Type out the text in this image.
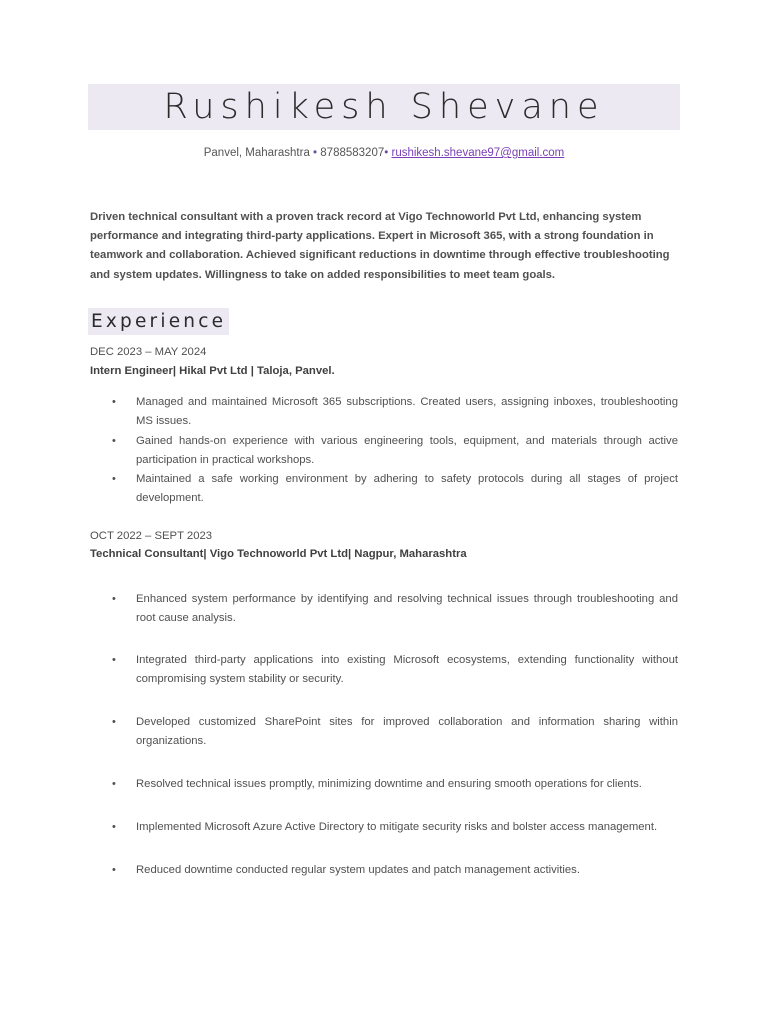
Rushikesh Shevane
Panvel, Maharashtra • 8788583207• rushikesh.shevane97@gmail.com

Driven technical consultant with a proven track record at Vigo Technoworld Pvt Ltd, enhancing system performance and integrating third-party applications. Expert in Microsoft 365, with a strong foundation in teamwork and collaboration. Achieved significant reductions in downtime through effective troubleshooting and system updates. Willingness to take on added responsibilities to meet team goals.

Experience
DEC 2023 – MAY 2024
Intern Engineer| Hikal Pvt Ltd | Taloja, Panvel.
•	Managed and maintained Microsoft 365 subscriptions. Created users, assigning inboxes, troubleshooting MS issues.
•	Gained hands-on experience with various engineering tools, equipment, and materials through active participation in practical workshops.
•	Maintained a safe working environment by adhering to safety protocols during all stages of project development.
OCT 2022 – SEPT 2023
Technical Consultant| Vigo Technoworld Pvt Ltd| Nagpur, Maharashtra
•	Enhanced system performance by identifying and resolving technical issues through troubleshooting and root cause analysis.
•	Integrated third-party applications into existing Microsoft ecosystems, extending functionality without compromising system stability or security.
•	Developed customized SharePoint sites for improved collaboration and information sharing within organizations.
•	Resolved technical issues promptly, minimizing downtime and ensuring smooth operations for clients.
•	Implemented Microsoft Azure Active Directory to mitigate security risks and bolster access management.
•	Reduced downtime conducted regular system updates and patch management activities.
